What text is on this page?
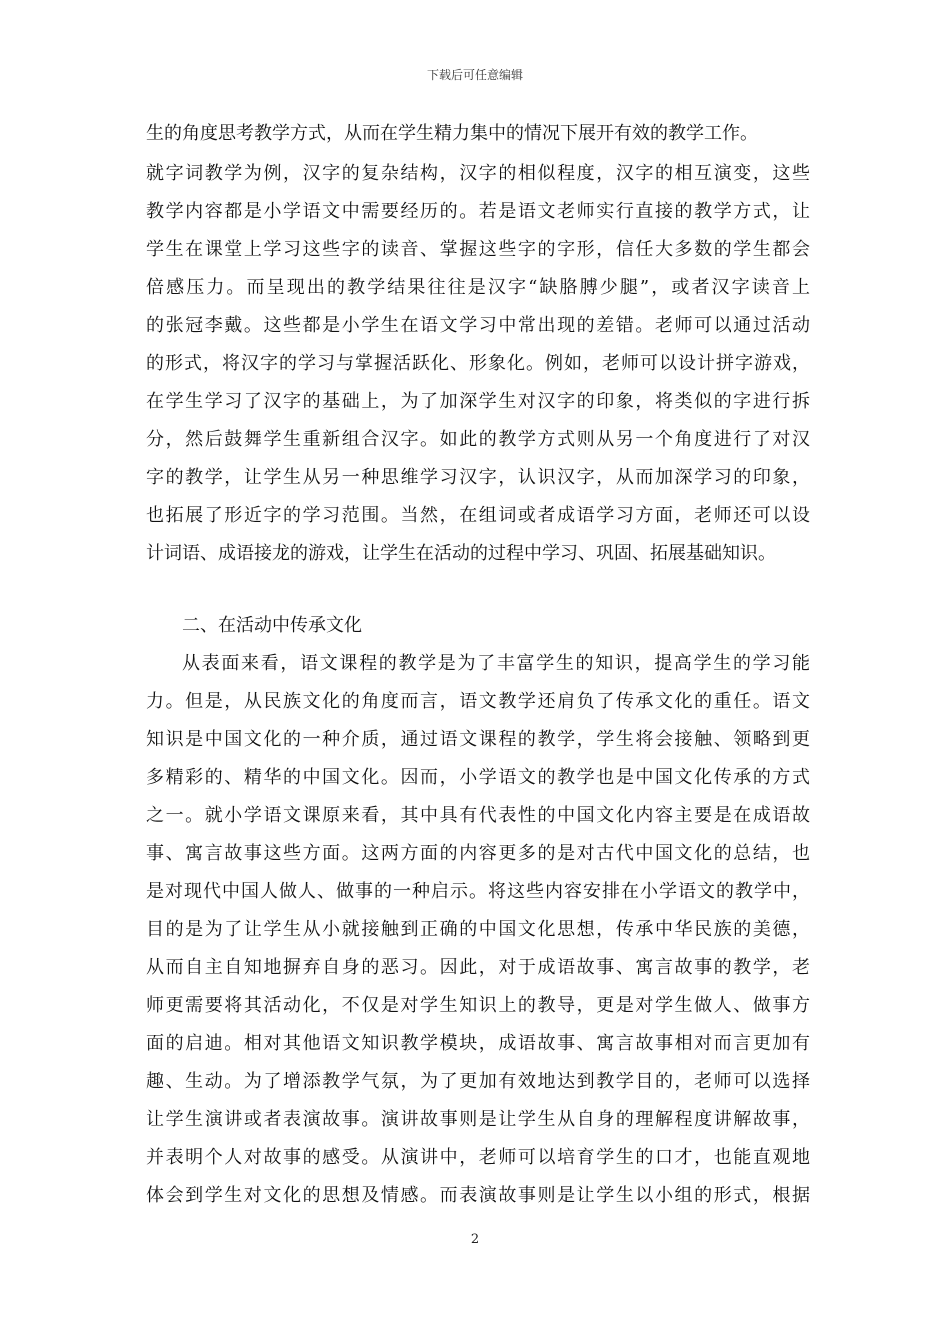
下载后可任意编辑
生的角度思考教学方式，从而在学生精力集中的情况下展开有效的教学工作。
就字词教学为例，汉字的复杂结构，汉字的相似程度，汉字的相互演变，这些
教学内容都是小学语文中需要经历的。若是语文老师实行直接的教学方式，让
学生在课堂上学习这些字的读音、掌握这些字的字形，信任大多数的学生都会
倍感压力。而呈现出的教学结果往往是汉字“缺胳膊少腿”，或者汉字读音上
的张冠李戴。这些都是小学生在语文学习中常出现的差错。老师可以通过活动
的形式，将汉字的学习与掌握活跃化、形象化。例如，老师可以设计拼字游戏，
在学生学习了汉字的基础上，为了加深学生对汉字的印象，将类似的字进行拆
分，然后鼓舞学生重新组合汉字。如此的教学方式则从另一个角度进行了对汉
字的教学，让学生从另一种思维学习汉字，认识汉字，从而加深学习的印象，
也拓展了形近字的学习范围。当然，在组词或者成语学习方面，老师还可以设
计词语、成语接龙的游戏，让学生在活动的过程中学习、巩固、拓展基础知识。
二、在活动中传承文化
从表面来看，语文课程的教学是为了丰富学生的知识，提高学生的学习能
力。但是，从民族文化的角度而言，语文教学还肩负了传承文化的重任。语文
知识是中国文化的一种介质，通过语文课程的教学，学生将会接触、领略到更
多精彩的、精华的中国文化。因而，小学语文的教学也是中国文化传承的方式
之一。就小学语文课原来看，其中具有代表性的中国文化内容主要是在成语故
事、寓言故事这些方面。这两方面的内容更多的是对古代中国文化的总结，也
是对现代中国人做人、做事的一种启示。将这些内容安排在小学语文的教学中，
目的是为了让学生从小就接触到正确的中国文化思想，传承中华民族的美德，
从而自主自知地摒弃自身的恶习。因此，对于成语故事、寓言故事的教学，老
师更需要将其活动化，不仅是对学生知识上的教导，更是对学生做人、做事方
面的启迪。相对其他语文知识教学模块，成语故事、寓言故事相对而言更加有
趣、生动。为了增添教学气氛，为了更加有效地达到教学目的，老师可以选择
让学生演讲或者表演故事。演讲故事则是让学生从自身的理解程度讲解故事，
并表明个人对故事的感受。从演讲中，老师可以培育学生的口才，也能直观地
体会到学生对文化的思想及情感。而表演故事则是让学生以小组的形式，根据
2
